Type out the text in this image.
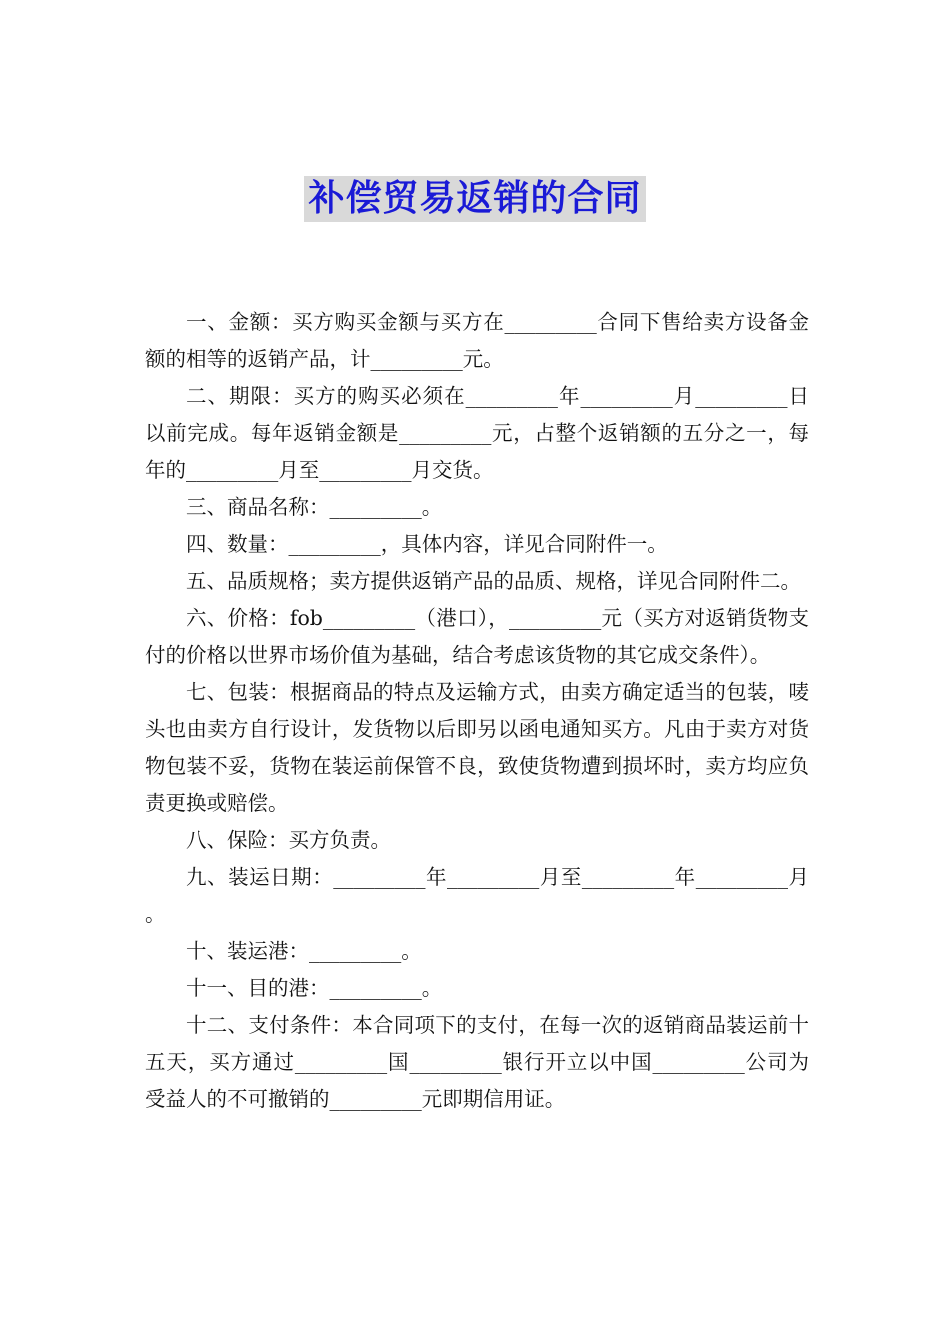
补偿贸易返销的合同

一、金额：买方购买金额与买方在_________合同下售给卖方设备金额的相等的返销产品，计_________元。

二、期限：买方的购买必须在_________年_________月_________日以前完成。每年返销金额是_________元，占整个返销额的五分之一，每年的_________月至_________月交货。

三、商品名称：_________。

四、数量：_________，具体内容，详见合同附件一。

五、品质规格；卖方提供返销产品的品质、规格，详见合同附件二。

六、价格：fob_________（港口），_________元（买方对返销货物支付的价格以世界市场价值为基础，结合考虑该货物的其它成交条件）。

七、包装：根据商品的特点及运输方式，由卖方确定适当的包装，唛头也由卖方自行设计，发货物以后即另以函电通知买方。凡由于卖方对货物包装不妥，货物在装运前保管不良，致使货物遭到损坏时，卖方均应负责更换或赔偿。

八、保险：买方负责。

九、装运日期：_________年_________月至_________年_________月。

十、装运港：_________。

十一、目的港：_________。

十二、支付条件：本合同项下的支付，在每一次的返销商品装运前十五天，买方通过_________国_________银行开立以中国_________公司为受益人的不可撤销的_________元即期信用证。
